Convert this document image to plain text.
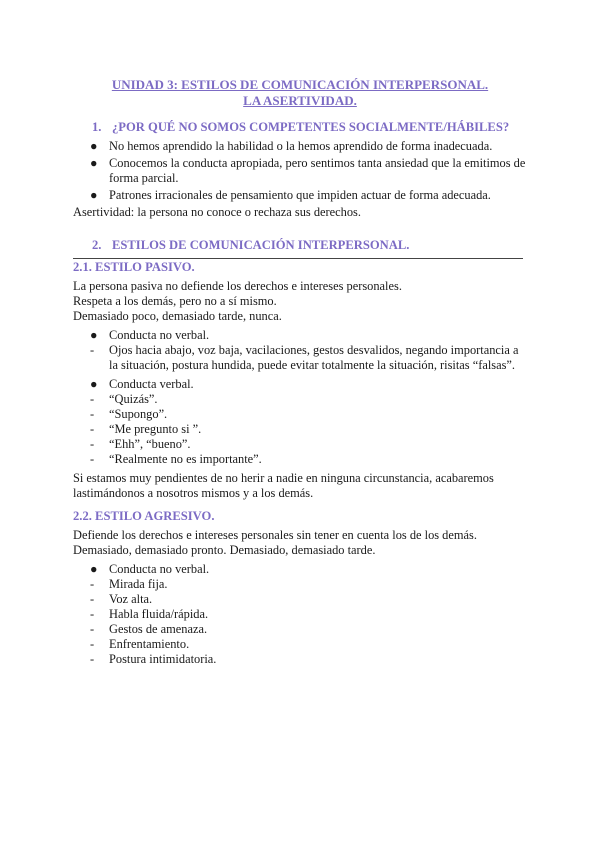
UNIDAD 3: ESTILOS DE COMUNICACIÓN INTERPERSONAL.
LA ASERTIVIDAD.
1. ¿POR QUÉ NO SOMOS COMPETENTES SOCIALMENTE/HÁBILES?
● No hemos aprendido la habilidad o la hemos aprendido de forma inadecuada.
● Conocemos la conducta apropiada, pero sentimos tanta ansiedad que la emitimos de forma parcial.
● Patrones irracionales de pensamiento que impiden actuar de forma adecuada.

Asertividad: la persona no conoce o rechaza sus derechos.

2. ESTILOS DE COMUNICACIÓN INTERPERSONAL.
2.1. ESTILO PASIVO.

La persona pasiva no defiende los derechos e intereses personales.

Respeta a los demás, pero no a sí mismo.

Demasiado poco, demasiado tarde, nunca.

● Conducta no verbal.
-	Ojos hacia abajo, voz baja, vacilaciones, gestos desvalidos, negando importancia a la situación, postura hundida, puede evitar totalmente la situación, risitas “falsas”.
● Conducta verbal.
-	“Quizás”.
-	“Supongo”.
-	“Me pregunto si ”.
-	“Ehh”, “bueno”.
-	“Realmente no es importante”.

Si estamos muy pendientes de no herir a nadie en ninguna circunstancia, acabaremos lastimándonos a nosotros mismos y a los demás.

2.2. ESTILO AGRESIVO.

Defiende los derechos e intereses personales sin tener en cuenta los de los demás.

Demasiado, demasiado pronto. Demasiado, demasiado tarde.

● Conducta no verbal.
-	Mirada fija.
-	Voz alta.
-	Habla fluida/rápida.
-	Gestos de amenaza.
-	Enfrentamiento.
-	Postura intimidatoria.
